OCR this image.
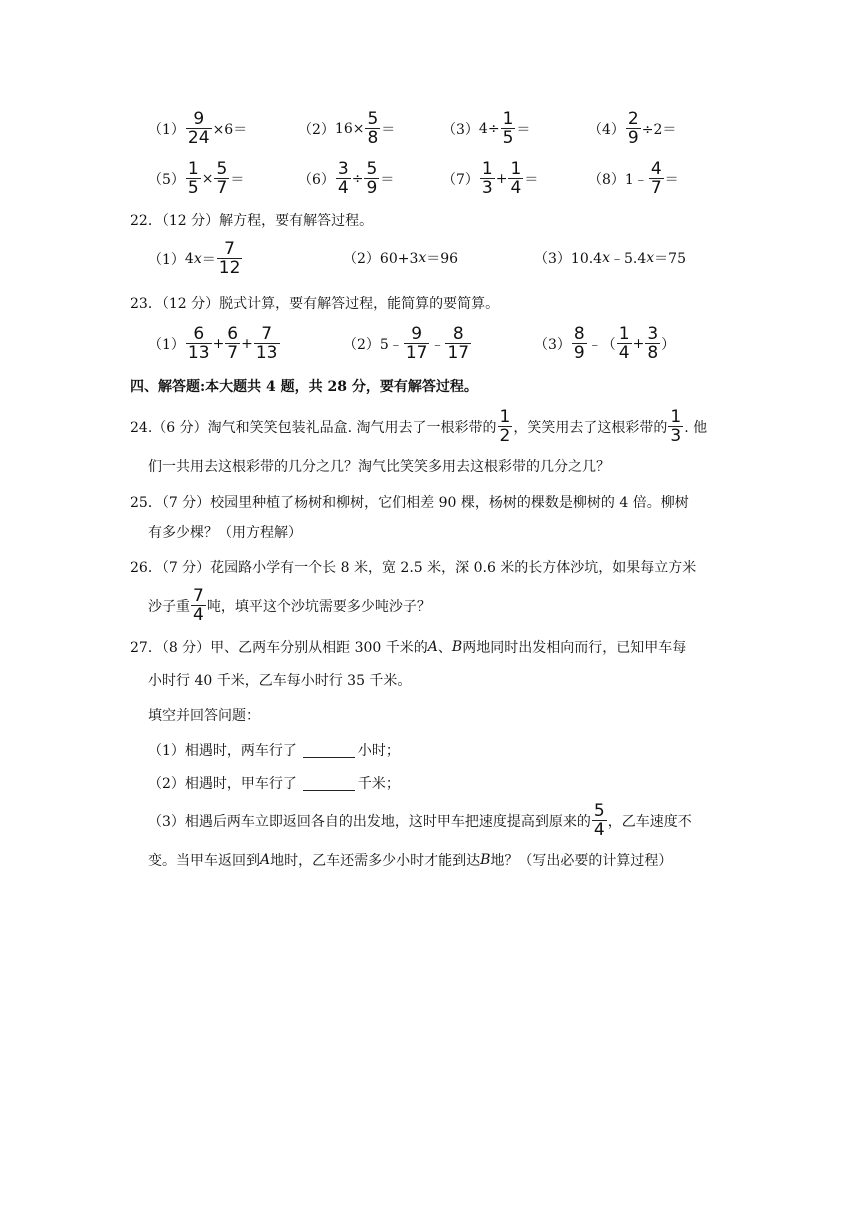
$(1) \frac{9}{24} \times 6=$	（2） $16\times \frac{5}{8}$ ＝	（3） $4\div \frac{1}{5}$ ＝	$(4) \frac{2}{9} \div 2=$
$(5) \frac{1}{5} \times \frac{5}{7}$ ＝	$(6) \frac{3}{4} \div \frac{5}{9}$ ＝	$(7) \frac{1}{3} + \frac{1}{4}$ ＝	（8） 1﹣ $\frac{4}{7}$ ＝
22．（12 分）解方程，要有解答过程。
（1） 4 $x = \frac{7}{12}$	（2）60+3 x ＝96	（3）10.4 x ﹣5.4 x ＝75
23．（12 分）脱式计算，要有解答过程，能简算的要简算。
$(1) \frac{6}{13} + \frac{6}{7} + \frac{7}{13}$	（2） 5﹣ $\frac{9}{17}$ ﹣ $\frac{8}{17}$	$(3) \frac{8}{9}$ ﹣（ $\frac{1}{4} + \frac{3}{8}$ ）
四、解答题:本大题共 4 题，共 28 分，要有解答过程。
24.（6 分）淘气和笑笑包装礼品盒. 淘气用去了一根彩带的 $\frac{1}{2}$ ，笑笑用去了这根彩带的 $\frac{1}{3}$ . 他
们一共用去这根彩带的几分之几？淘气比笑笑多用去这根彩带的几分之几？
25．（7 分）校园里种植了杨树和柳树，它们相差 90 棵，杨树的棵数是柳树的 4 倍。柳树
有多少棵？（用方程解）
26．（7 分）花园路小学有一个长 8 米，宽 2.5 米，深 0.6 米的长方体沙坑，如果每立方米
沙子重 $\frac{7}{4}$ 吨，填平这个沙坑需要多少吨沙子？
27．（8 分）甲、乙两车分别从相距 300 千米的 A 、 B 两地同时出发相向而行，已知甲车每
小时行 40 千米，乙车每小时行 35 千米。
填空并回答问题：
（1）相遇时，两车行了	小时；
（2）相遇时，甲车行了	千米；
（3）相遇后两车立即返回各自的出发地，这时甲车把速度提高到原来的 $\frac{5}{4}$ ，乙车速度不
变。当甲车返回到 A 地时，乙车还需多少小时才能到达 B 地？（写出必要的计算过程）
